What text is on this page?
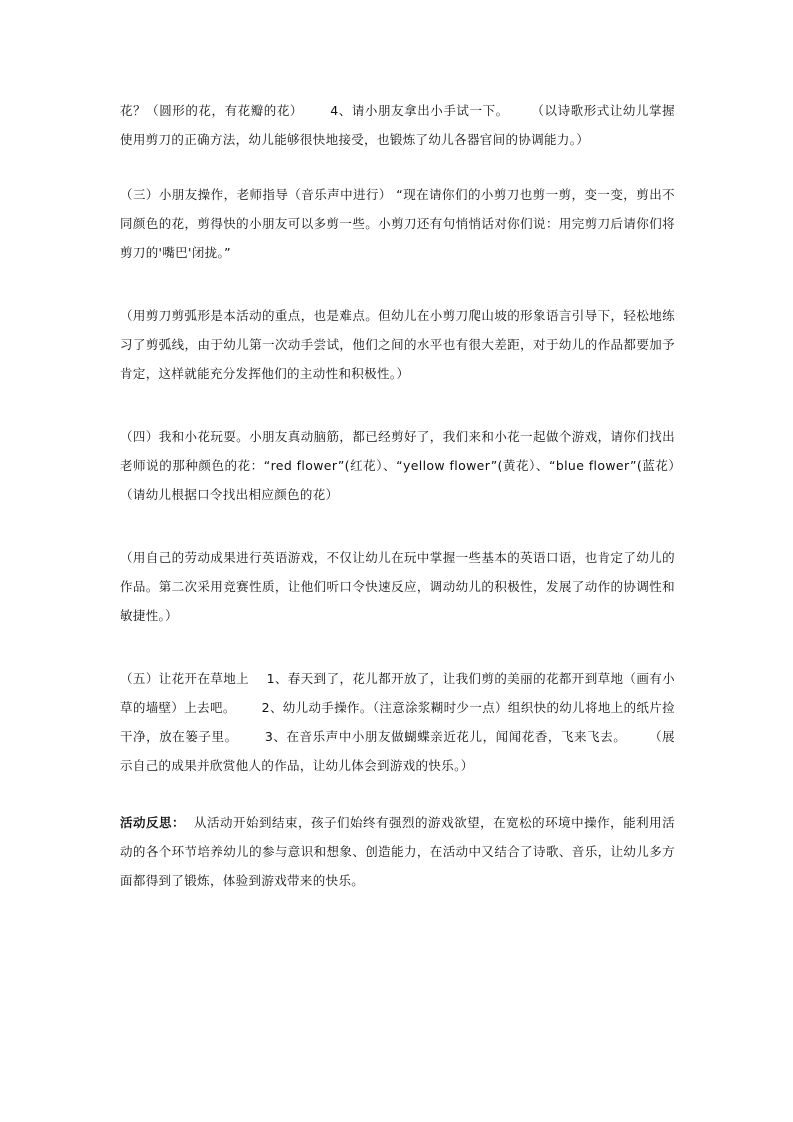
花？（圆形的花，有花瓣的花）      4、请小朋友拿出小手试一下。     （以诗歌形式让幼儿掌握使用剪刀的正确方法，幼儿能够很快地接受，也锻炼了幼儿各器官间的协调能力。）

（三）小朋友操作，老师指导（音乐声中进行） “现在请你们的小剪刀也剪一剪，变一变，剪出不同颜色的花，剪得快的小朋友可以多剪一些。小剪刀还有句悄悄话对你们说：用完剪刀后请你们将剪刀的'嘴巴'闭拢。”

（用剪刀剪弧形是本活动的重点，也是难点。但幼儿在小剪刀爬山坡的形象语言引导下，轻松地练习了剪弧线，由于幼儿第一次动手尝试，他们之间的水平也有很大差距，对于幼儿的作品都要加予肯定，这样就能充分发挥他们的主动性和积极性。）

（四）我和小花玩耍。小朋友真动脑筋，都已经剪好了，我们来和小花一起做个游戏，请你们找出老师说的那种颜色的花：“red flower”(红花）、“yellow flower”(黄花）、“blue flower”(蓝花）（请幼儿根据口令找出相应颜色的花）

（用自己的劳动成果进行英语游戏，不仅让幼儿在玩中掌握一些基本的英语口语，也肯定了幼儿的作品。第二次采用竞赛性质，让他们听口令快速反应，调动幼儿的积极性，发展了动作的协调性和敏捷性。）

（五）让花开在草地上    1、春天到了，花儿都开放了，让我们剪的美丽的花都开到草地（画有小草的墙壁）上去吧。      2、幼儿动手操作。（注意涂浆糊时少一点）组织快的幼儿将地上的纸片捡干净，放在篓子里。      3、在音乐声中小朋友做蝴蝶亲近花儿，闻闻花香，飞来飞去。     （展示自己的成果并欣赏他人的作品，让幼儿体会到游戏的快乐。）

活动反思：  从活动开始到结束，孩子们始终有强烈的游戏欲望，在宽松的环境中操作，能利用活动的各个环节培养幼儿的参与意识和想象、创造能力，在活动中又结合了诗歌、音乐，让幼儿多方面都得到了锻炼，体验到游戏带来的快乐。
